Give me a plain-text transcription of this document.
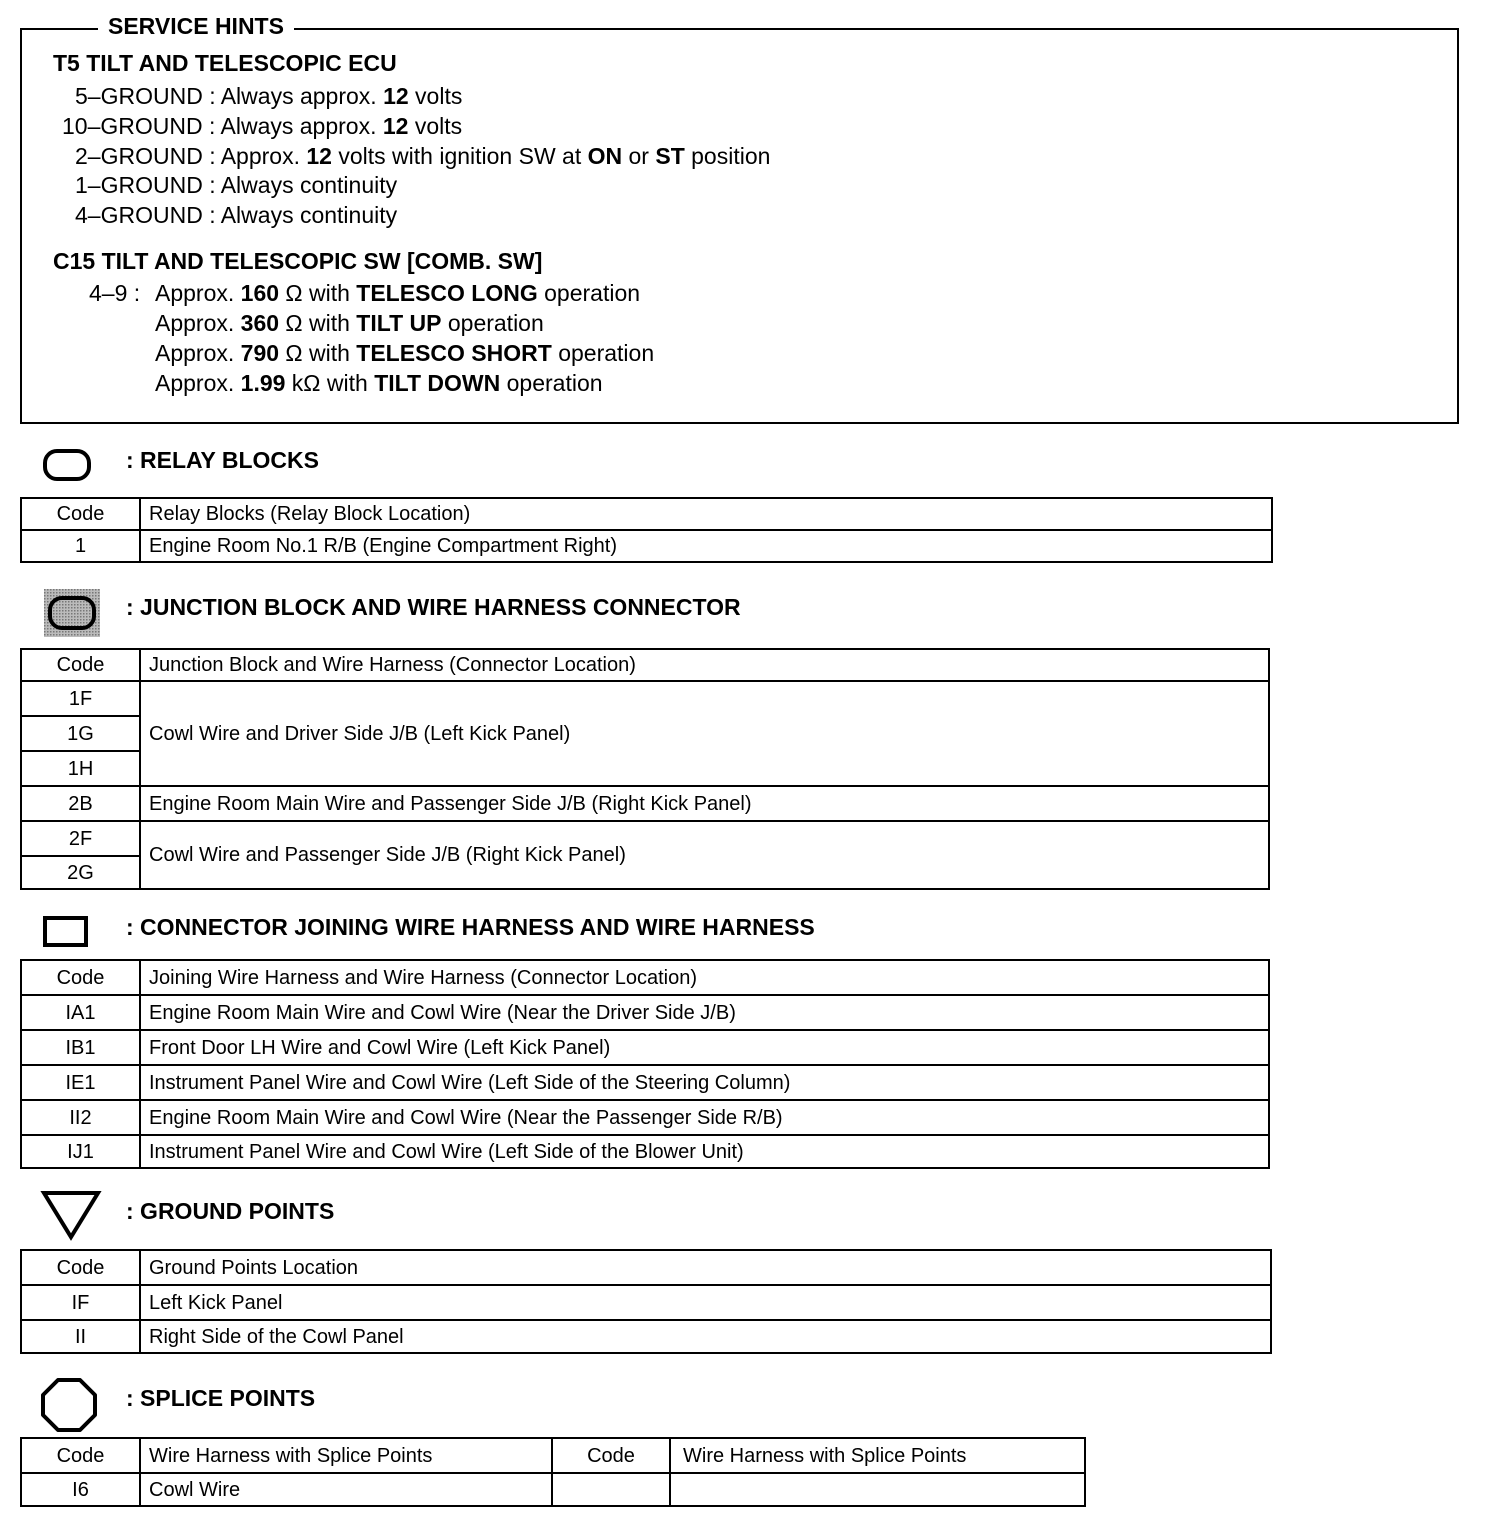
SERVICE HINTS
T5 TILT AND TELESCOPIC ECU
5–GROUND : Always approx. 12 volts
10–GROUND : Always approx. 12 volts
2–GROUND : Approx. 12 volts with ignition SW at ON or ST position
1–GROUND : Always continuity
4–GROUND : Always continuity
C15 TILT AND TELESCOPIC SW [COMB. SW]
4–9 : Approx. 160 Ω with TELESCO LONG operation
Approx. 360 Ω with TILT UP operation
Approx. 790 Ω with TELESCO SHORT operation
Approx. 1.99 kΩ with TILT DOWN operation
: RELAY BLOCKS
Code	Relay Blocks (Relay Block Location)
1	Engine Room No.1 R/B (Engine Compartment Right)
: JUNCTION BLOCK AND WIRE HARNESS CONNECTOR
Code	Junction Block and Wire Harness (Connector Location)
1F	Cowl Wire and Driver Side J/B (Left Kick Panel)
1G	
1H	
2B	Engine Room Main Wire and Passenger Side J/B (Right Kick Panel)
2F	Cowl Wire and Passenger Side J/B (Right Kick Panel)
2G	
: CONNECTOR JOINING WIRE HARNESS AND WIRE HARNESS
Code	Joining Wire Harness and Wire Harness (Connector Location)
IA1	Engine Room Main Wire and Cowl Wire (Near the Driver Side J/B)
IB1	Front Door LH Wire and Cowl Wire (Left Kick Panel)
IE1	Instrument Panel Wire and Cowl Wire (Left Side of the Steering Column)
II2	Engine Room Main Wire and Cowl Wire (Near the Passenger Side R/B)
IJ1	Instrument Panel Wire and Cowl Wire (Left Side of the Blower Unit)
: GROUND POINTS
Code	Ground Points Location
IF	Left Kick Panel
II	Right Side of the Cowl Panel
: SPLICE POINTS
Code	Wire Harness with Splice Points	Code	Wire Harness with Splice Points
I6	Cowl Wire		
